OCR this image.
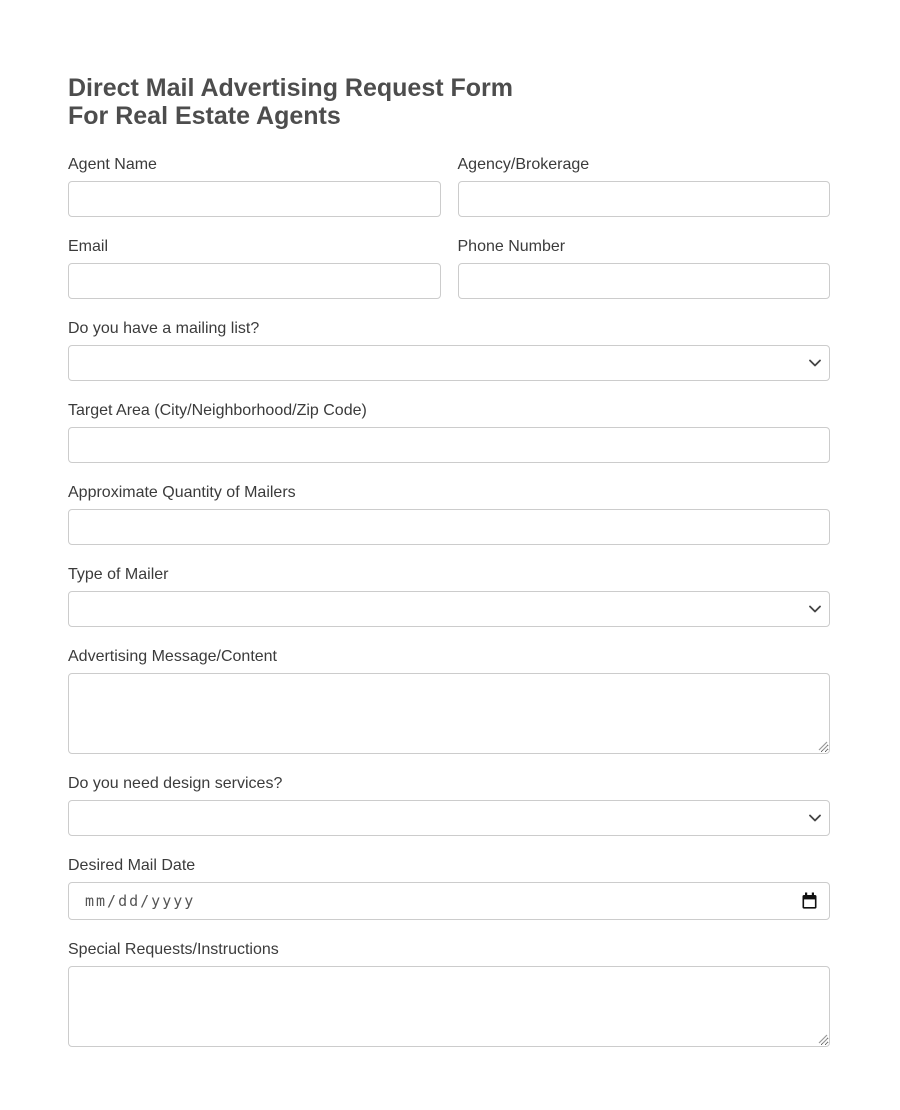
Direct Mail Advertising Request Form
For Real Estate Agents
Agent Name	Agency/Brokerage
Email	Phone Number
Do you have a mailing list?
Target Area (City/Neighborhood/Zip Code)
Approximate Quantity of Mailers
Type of Mailer
Advertising Message/Content
Do you need design services?
Desired Mail Date
mm/dd/yyyy
Special Requests/Instructions
